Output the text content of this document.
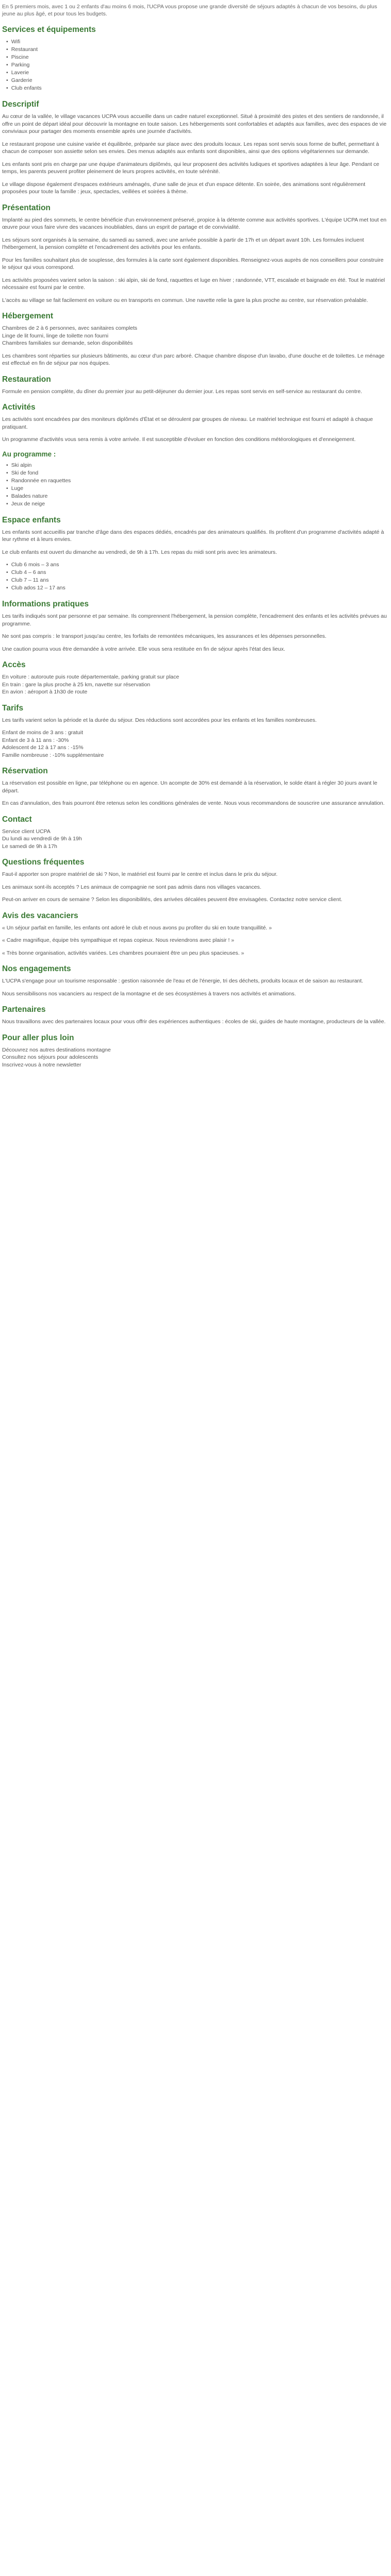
En 5 premiers mois, avec 1 ou 2 enfants d'au moins 6 mois, l'UCPA vous propose une grande diversité de séjours adaptés à chacun de vos besoins, du plus jeune au plus âgé, et pour tous les budgets.

Services et équipements
• Wifi
• Restaurant
• Piscine
• Parking
• Laverie
• Garderie
• Club enfants
Descriptif

Au cœur de la vallée, le village vacances UCPA vous accueille dans un cadre naturel exceptionnel. Situé à proximité des pistes et des sentiers de randonnée, il offre un point de départ idéal pour découvrir la montagne en toute saison. Les hébergements sont confortables et adaptés aux familles, avec des espaces de vie conviviaux pour partager des moments ensemble après une journée d'activités.

Le restaurant propose une cuisine variée et équilibrée, préparée sur place avec des produits locaux. Les repas sont servis sous forme de buffet, permettant à chacun de composer son assiette selon ses envies. Des menus adaptés aux enfants sont disponibles, ainsi que des options végétariennes sur demande.

Les enfants sont pris en charge par une équipe d'animateurs diplômés, qui leur proposent des activités ludiques et sportives adaptées à leur âge. Pendant ce temps, les parents peuvent profiter pleinement de leurs propres activités, en toute sérénité.

Le village dispose également d'espaces extérieurs aménagés, d'une salle de jeux et d'un espace détente. En soirée, des animations sont régulièrement proposées pour toute la famille : jeux, spectacles, veillées et soirées à thème.

Présentation

Implanté au pied des sommets, le centre bénéficie d'un environnement préservé, propice à la détente comme aux activités sportives. L'équipe UCPA met tout en œuvre pour vous faire vivre des vacances inoubliables, dans un esprit de partage et de convivialité.

Les séjours sont organisés à la semaine, du samedi au samedi, avec une arrivée possible à partir de 17h et un départ avant 10h. Les formules incluent l'hébergement, la pension complète et l'encadrement des activités pour les enfants.

Pour les familles souhaitant plus de souplesse, des formules à la carte sont également disponibles. Renseignez-vous auprès de nos conseillers pour construire le séjour qui vous correspond.

Les activités proposées varient selon la saison : ski alpin, ski de fond, raquettes et luge en hiver ; randonnée, VTT, escalade et baignade en été. Tout le matériel nécessaire est fourni par le centre.

L'accès au village se fait facilement en voiture ou en transports en commun. Une navette relie la gare la plus proche au centre, sur réservation préalable.

Hébergement
Chambres de 2 à 6 personnes, avec sanitaires complets
Linge de lit fourni, linge de toilette non fourni
Chambres familiales sur demande, selon disponibilités

Les chambres sont réparties sur plusieurs bâtiments, au cœur d'un parc arboré. Chaque chambre dispose d'un lavabo, d'une douche et de toilettes. Le ménage est effectué en fin de séjour par nos équipes.

Restauration

Formule en pension complète, du dîner du premier jour au petit-déjeuner du dernier jour. Les repas sont servis en self-service au restaurant du centre.

Activités

Les activités sont encadrées par des moniteurs diplômés d'État et se déroulent par groupes de niveau. Le matériel technique est fourni et adapté à chaque pratiquant.

Un programme d'activités vous sera remis à votre arrivée. Il est susceptible d'évoluer en fonction des conditions météorologiques et d'enneigement.

Au programme :
• Ski alpin
• Ski de fond
• Randonnée en raquettes
• Luge
• Balades nature
• Jeux de neige
Espace enfants

Les enfants sont accueillis par tranche d'âge dans des espaces dédiés, encadrés par des animateurs qualifiés. Ils profitent d'un programme d'activités adapté à leur rythme et à leurs envies.

Le club enfants est ouvert du dimanche au vendredi, de 9h à 17h. Les repas du midi sont pris avec les animateurs.

• Club 6 mois – 3 ans
• Club 4 – 6 ans
• Club 7 – 11 ans
• Club ados 12 – 17 ans
Informations pratiques

Les tarifs indiqués sont par personne et par semaine. Ils comprennent l'hébergement, la pension complète, l'encadrement des enfants et les activités prévues au programme.

Ne sont pas compris : le transport jusqu'au centre, les forfaits de remontées mécaniques, les assurances et les dépenses personnelles.

Une caution pourra vous être demandée à votre arrivée. Elle vous sera restituée en fin de séjour après l'état des lieux.

Accès
En voiture : autoroute puis route départementale, parking gratuit sur place
En train : gare la plus proche à 25 km, navette sur réservation
En avion : aéroport à 1h30 de route
Tarifs

Les tarifs varient selon la période et la durée du séjour. Des réductions sont accordées pour les enfants et les familles nombreuses.

Enfant de moins de 3 ans : gratuit
Enfant de 3 à 11 ans : -30%
Adolescent de 12 à 17 ans : -15%
Famille nombreuse : -10% supplémentaire
Réservation

La réservation est possible en ligne, par téléphone ou en agence. Un acompte de 30% est demandé à la réservation, le solde étant à régler 30 jours avant le départ.

En cas d'annulation, des frais pourront être retenus selon les conditions générales de vente. Nous vous recommandons de souscrire une assurance annulation.

Contact
Service client UCPA
Du lundi au vendredi de 9h à 19h
Le samedi de 9h à 17h
Questions fréquentes

Faut-il apporter son propre matériel de ski ? Non, le matériel est fourni par le centre et inclus dans le prix du séjour.

Les animaux sont-ils acceptés ? Les animaux de compagnie ne sont pas admis dans nos villages vacances.

Peut-on arriver en cours de semaine ? Selon les disponibilités, des arrivées décalées peuvent être envisagées. Contactez notre service client.

Avis des vacanciers

« Un séjour parfait en famille, les enfants ont adoré le club et nous avons pu profiter du ski en toute tranquillité. »

« Cadre magnifique, équipe très sympathique et repas copieux. Nous reviendrons avec plaisir ! »

« Très bonne organisation, activités variées. Les chambres pourraient être un peu plus spacieuses. »

Nos engagements

L'UCPA s'engage pour un tourisme responsable : gestion raisonnée de l'eau et de l'énergie, tri des déchets, produits locaux et de saison au restaurant.

Nous sensibilisons nos vacanciers au respect de la montagne et de ses écosystèmes à travers nos activités et animations.

Partenaires

Nous travaillons avec des partenaires locaux pour vous offrir des expériences authentiques : écoles de ski, guides de haute montagne, producteurs de la vallée.

Pour aller plus loin
Découvrez nos autres destinations montagne
Consultez nos séjours pour adolescents
Inscrivez-vous à notre newsletter
